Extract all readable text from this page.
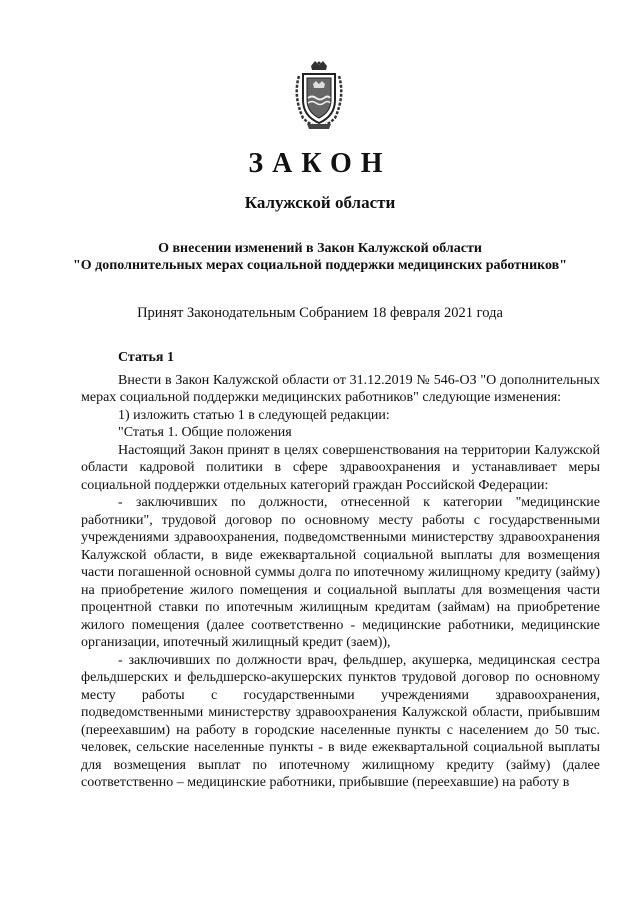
ЗАКОН
Калужской области
О внесении изменений в Закон Калужской области
"О дополнительных мерах социальной поддержки медицинских работников"
Принят Законодательным Собранием 18 февраля 2021 года

Статья 1

Внести в Закон Калужской области от 31.12.2019 № 546-ОЗ "О дополнительных мерах социальной поддержки медицинских работников" следующие изменения:

1) изложить статью 1 в следующей редакции:

"Статья 1. Общие положения

Настоящий Закон принят в целях совершенствования на территории Калужской области кадровой политики в сфере здравоохранения и устанавливает меры социальной поддержки отдельных категорий граждан Российской Федерации:

- заключивших по должности, отнесенной к категории "медицинские работники", трудовой договор по основному месту работы с государственными учреждениями здравоохранения, подведомственными министерству здравоохранения Калужской области, в виде ежеквартальной социальной выплаты для возмещения части погашенной основной суммы долга по ипотечному жилищному кредиту (займу) на приобретение жилого помещения и социальной выплаты для возмещения части процентной ставки по ипотечным жилищным кредитам (займам) на приобретение жилого помещения (далее соответственно - медицинские работники, медицинские организации, ипотечный жилищный кредит (заем)),

- заключивших по должности врач, фельдшер, акушерка, медицинская сестра фельдшерских и фельдшерско-акушерских пунктов трудовой договор по основному месту работы с государственными учреждениями здравоохранения, подведомственными министерству здравоохранения Калужской области, прибывшим (переехавшим) на работу в городские населенные пункты с населением до 50 тыс. человек, сельские населенные пункты - в виде ежеквартальной социальной выплаты для возмещения выплат по ипотечному жилищному кредиту (займу) (далее соответственно – медицинские работники, прибывшие (переехавшие) на работу в
